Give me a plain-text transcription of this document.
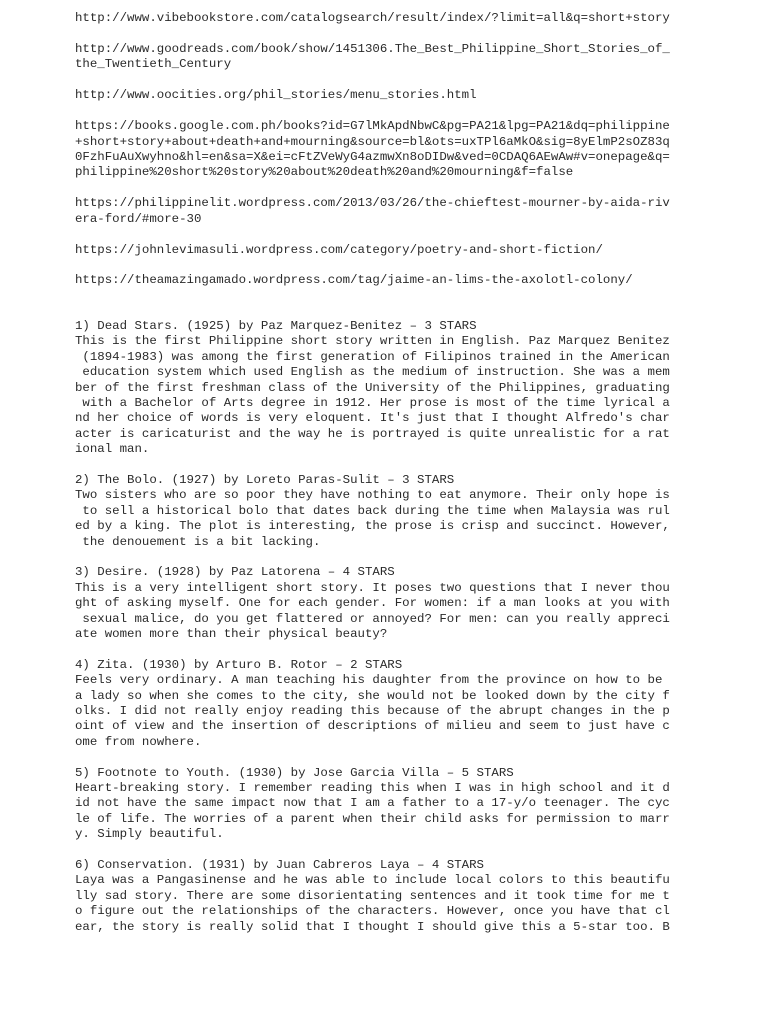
http://www.vibebookstore.com/catalogsearch/result/index/?limit=all&q=short+story
http://www.goodreads.com/book/show/1451306.The_Best_Philippine_Short_Stories_of_
the_Twentieth_Century
http://www.oocities.org/phil_stories/menu_stories.html
https://books.google.com.ph/books?id=G7lMkApdNbwC&pg=PA21&lpg=PA21&dq=philippine
+short+story+about+death+and+mourning&source=bl&ots=uxTPl6aMkO&sig=8yElmP2sOZ83q
0FzhFuAuXwyhno&hl=en&sa=X&ei=cFtZVeWyG4azmwXn8oDIDw&ved=0CDAQ6AEwAw#v=onepage&q=
philippine%20short%20story%20about%20death%20and%20mourning&f=false
https://philippinelit.wordpress.com/2013/03/26/the-chieftest-mourner-by-aida-riv
era-ford/#more-30
https://johnlevimasuli.wordpress.com/category/poetry-and-short-fiction/
https://theamazingamado.wordpress.com/tag/jaime-an-lims-the-axolotl-colony/
1) Dead Stars. (1925) by Paz Marquez-Benitez – 3 STARS
This is the first Philippine short story written in English. Paz Marquez Benitez
(1894-1983) was among the first generation of Filipinos trained in the American
education system which used English as the medium of instruction. She was a mem
ber of the first freshman class of the University of the Philippines, graduating
with a Bachelor of Arts degree in 1912. Her prose is most of the time lyrical a
nd her choice of words is very eloquent. It's just that I thought Alfredo's char
acter is caricaturist and the way he is portrayed is quite unrealistic for a rat
ional man.
2) The Bolo. (1927) by Loreto Paras-Sulit – 3 STARS
Two sisters who are so poor they have nothing to eat anymore. Their only hope is
to sell a historical bolo that dates back during the time when Malaysia was rul
ed by a king. The plot is interesting, the prose is crisp and succinct. However,
the denouement is a bit lacking.
3) Desire. (1928) by Paz Latorena – 4 STARS
This is a very intelligent short story. It poses two questions that I never thou
ght of asking myself. One for each gender. For women: if a man looks at you with
sexual malice, do you get flattered or annoyed? For men: can you really appreci
ate women more than their physical beauty?
4) Zita. (1930) by Arturo B. Rotor – 2 STARS
Feels very ordinary. A man teaching his daughter from the province on how to be
a lady so when she comes to the city, she would not be looked down by the city f
olks. I did not really enjoy reading this because of the abrupt changes in the p
oint of view and the insertion of descriptions of milieu and seem to just have c
ome from nowhere.
5) Footnote to Youth. (1930) by Jose Garcia Villa – 5 STARS
Heart-breaking story. I remember reading this when I was in high school and it d
id not have the same impact now that I am a father to a 17-y/o teenager. The cyc
le of life. The worries of a parent when their child asks for permission to marr
y. Simply beautiful.
6) Conservation. (1931) by Juan Cabreros Laya – 4 STARS
Laya was a Pangasinense and he was able to include local colors to this beautifu
lly sad story. There are some disorientating sentences and it took time for me t
o figure out the relationships of the characters. However, once you have that cl
ear, the story is really solid that I thought I should give this a 5-star too. B
